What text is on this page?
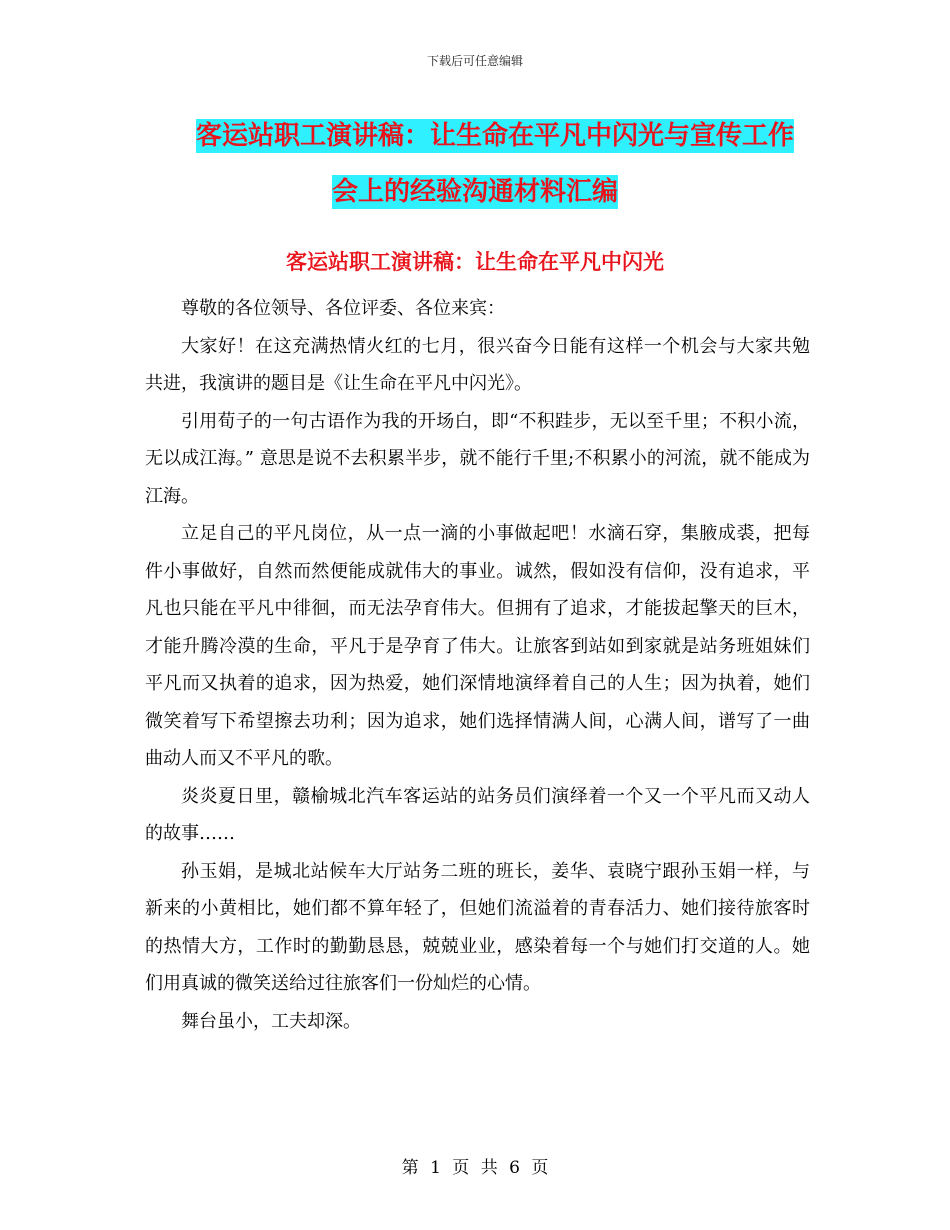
下载后可任意编辑
客运站职工演讲稿：让生命在平凡中闪光与宣传工作
会上的经验沟通材料汇编
客运站职工演讲稿：让生命在平凡中闪光

尊敬的各位领导、各位评委、各位来宾：

大家好！在这充满热情火红的七月，很兴奋今日能有这样一个机会与大家共勉共进，我演讲的题目是《让生命在平凡中闪光》。

引用荀子的一句古语作为我的开场白，即“不积跬步，无以至千里；不积小流，无以成江海。” 意思是说不去积累半步，就不能行千里;不积累小的河流，就不能成为江海。

立足自己的平凡岗位，从一点一滴的小事做起吧！水滴石穿，集腋成裘，把每件小事做好，自然而然便能成就伟大的事业。诚然，假如没有信仰，没有追求，平凡也只能在平凡中徘徊，而无法孕育伟大。但拥有了追求，才能拔起擎天的巨木，才能升腾冷漠的生命，平凡于是孕育了伟大。让旅客到站如到家就是站务班姐妹们平凡而又执着的追求，因为热爱，她们深情地演绎着自己的人生；因为执着，她们微笑着写下希望擦去功利；因为追求，她们选择情满人间，心满人间，谱写了一曲曲动人而又不平凡的歌。

炎炎夏日里，赣榆城北汽车客运站的站务员们演绎着一个又一个平凡而又动人的故事……

孙玉娟，是城北站候车大厅站务二班的班长，姜华、袁晓宁跟孙玉娟一样，与新来的小黄相比，她们都不算年轻了，但她们流溢着的青春活力、她们接待旅客时的热情大方，工作时的勤勤恳恳，兢兢业业，感染着每一个与她们打交道的人。她们用真诚的微笑送给过往旅客们一份灿烂的心情。

舞台虽小，工夫却深。

第 1 页 共 6 页
